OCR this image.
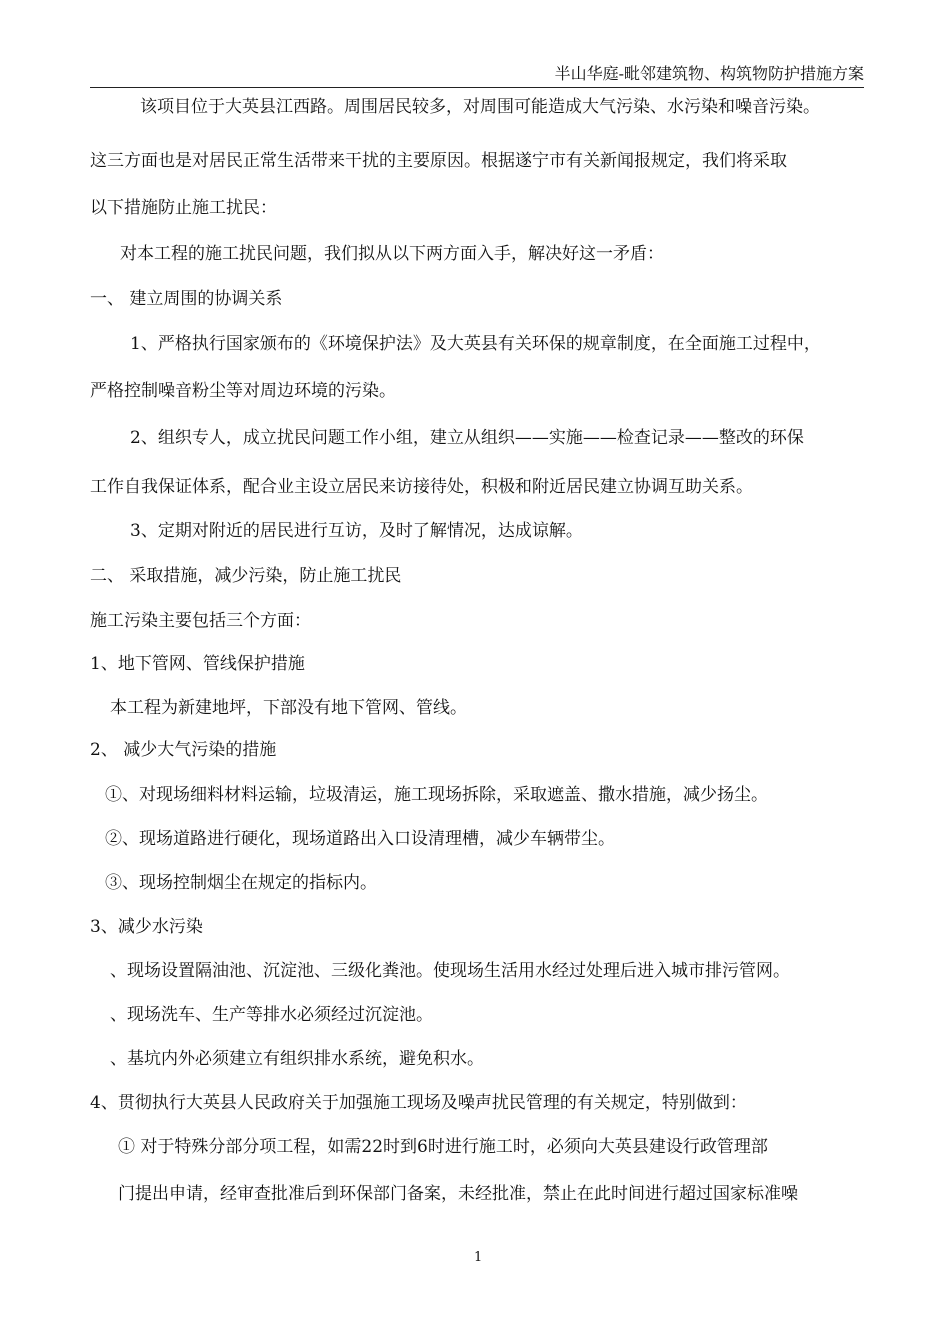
半山华庭-毗邻建筑物、构筑物防护措施方案
该项目位于大英县江西路。周围居民较多，对周围可能造成大气污染、水污染和噪音污染。
这三方面也是对居民正常生活带来干扰的主要原因。根据遂宁市有关新闻报规定，我们将采取
以下措施防止施工扰民：
对本工程的施工扰民问题，我们拟从以下两方面入手，解决好这一矛盾：
一、 建立周围的协调关系
1、严格执行国家颁布的《环境保护法》及大英县有关环保的规章制度，在全面施工过程中，
严格控制噪音粉尘等对周边环境的污染。
2、组织专人，成立扰民问题工作小组，建立从组织——实施——检查记录——整改的环保
工作自我保证体系，配合业主设立居民来访接待处，积极和附近居民建立协调互助关系。
3、定期对附近的居民进行互访，及时了解情况，达成谅解。
二、 采取措施，减少污染，防止施工扰民
施工污染主要包括三个方面：
1、地下管网、管线保护措施
本工程为新建地坪，下部没有地下管网、管线。
2、 减少大气污染的措施
①、对现场细料材料运输，垃圾清运，施工现场拆除，采取遮盖、撒水措施，减少扬尘。
②、现场道路进行硬化，现场道路出入口设清理槽，减少车辆带尘。
③、现场控制烟尘在规定的指标内。
3、减少水污染
、现场设置隔油池、沉淀池、三级化粪池。使现场生活用水经过处理后进入城市排污管网。
、现场洗车、生产等排水必须经过沉淀池。
、基坑内外必须建立有组织排水系统，避免积水。
4、贯彻执行大英县人民政府关于加强施工现场及噪声扰民管理的有关规定，特别做到：
① 对于特殊分部分项工程，如需22时到6时进行施工时，必须向大英县建设行政管理部
门提出申请，经审查批准后到环保部门备案，未经批准，禁止在此时间进行超过国家标准噪
1
